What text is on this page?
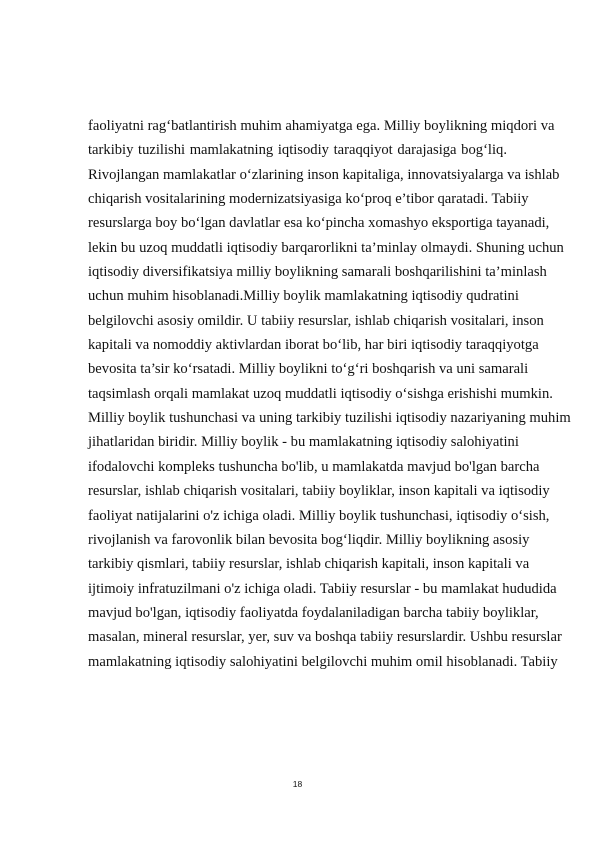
faoliyatni rag‘batlantirish muhim ahamiyatga ega. Milliy boylikning miqdori va
tarkibiy tuzilishi mamlakatning iqtisodiy taraqqiyot darajasiga bog‘liq.
Rivojlangan mamlakatlar o‘zlarining inson kapitaliga, innovatsiyalarga va ishlab
chiqarish vositalarining modernizatsiyasiga ko‘proq e’tibor qaratadi. Tabiiy
resurslarga boy bo‘lgan davlatlar esa ko‘pincha xomashyo eksportiga tayanadi,
lekin bu uzoq muddatli iqtisodiy barqarorlikni ta’minlay olmaydi. Shuning uchun
iqtisodiy diversifikatsiya milliy boylikning samarali boshqarilishini ta’minlash
uchun muhim hisoblanadi.Milliy boylik mamlakatning iqtisodiy qudratini
belgilovchi asosiy omildir. U tabiiy resurslar, ishlab chiqarish vositalari, inson
kapitali va nomoddiy aktivlardan iborat bo‘lib, har biri iqtisodiy taraqqiyotga
bevosita ta’sir ko‘rsatadi. Milliy boylikni to‘g‘ri boshqarish va uni samarali
taqsimlash orqali mamlakat uzoq muddatli iqtisodiy o‘sishga erishishi mumkin.
Milliy boylik tushunchasi va uning tarkibiy tuzilishi iqtisodiy nazariyaning muhim
jihatlaridan biridir. Milliy boylik - bu mamlakatning iqtisodiy salohiyatini
ifodalovchi kompleks tushuncha bo'lib, u mamlakatda mavjud bo'lgan barcha
resurslar, ishlab chiqarish vositalari, tabiiy boyliklar, inson kapitali va iqtisodiy
faoliyat natijalarini o'z ichiga oladi. Milliy boylik tushunchasi, iqtisodiy o‘sish,
rivojlanish va farovonlik bilan bevosita bog‘liqdir. Milliy boylikning asosiy
tarkibiy qismlari, tabiiy resurslar, ishlab chiqarish kapitali, inson kapitali va
ijtimoiy infratuzilmani o'z ichiga oladi. Tabiiy resurslar - bu mamlakat hududida
mavjud bo'lgan, iqtisodiy faoliyatda foydalaniladigan barcha tabiiy boyliklar,
masalan, mineral resurslar, yer, suv va boshqa tabiiy resurslardir. Ushbu resurslar
mamlakatning iqtisodiy salohiyatini belgilovchi muhim omil hisoblanadi. Tabiiy
18
